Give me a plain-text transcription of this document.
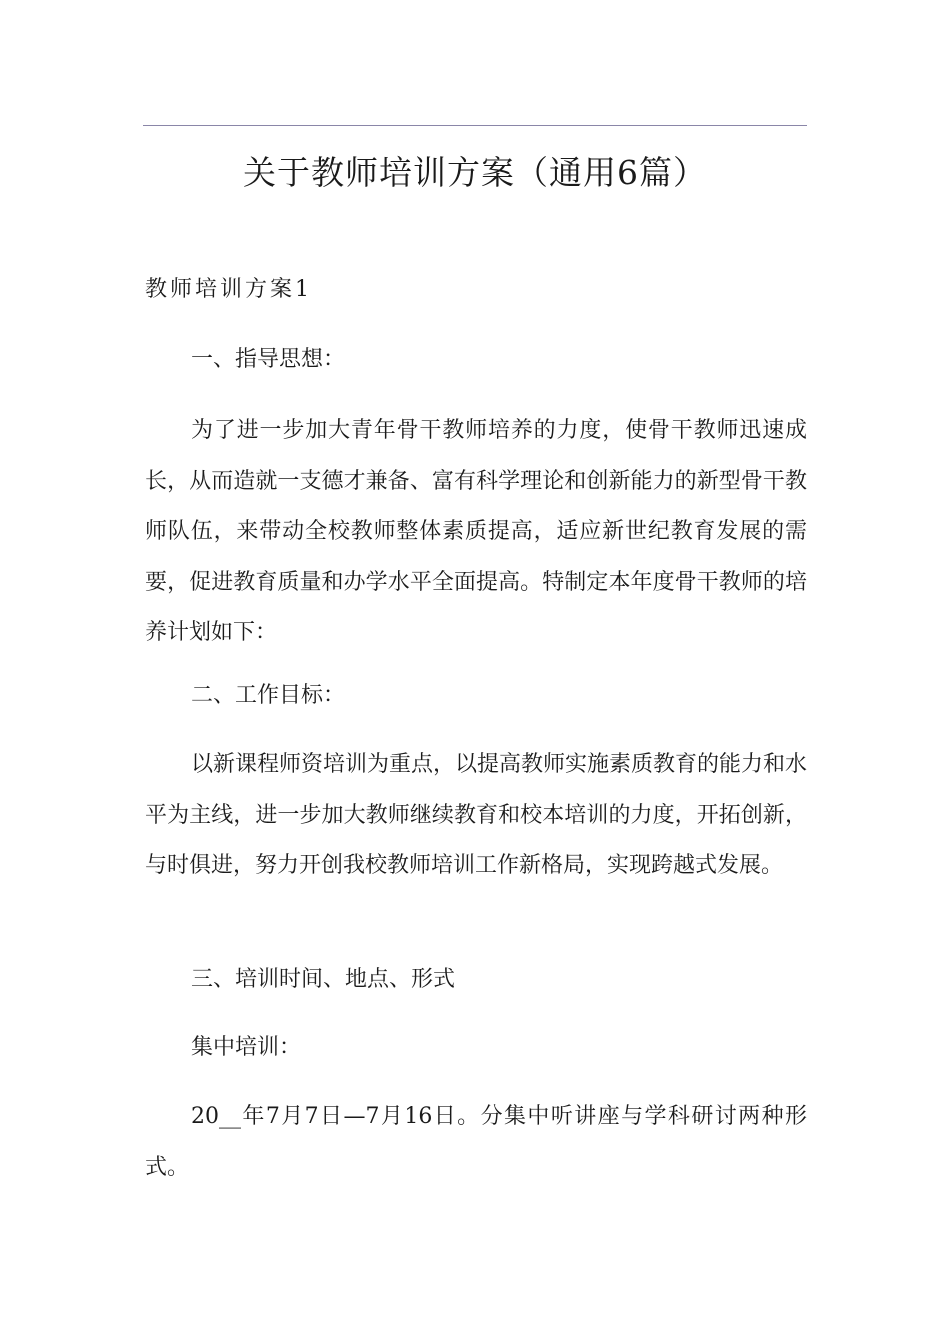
关于教师培训方案（通用6篇）
教师培训方案1
一、指导思想：

为了进一步加大青年骨干教师培养的力度，使骨干教师迅速成长，从而造就一支德才兼备、富有科学理论和创新能力的新型骨干教师队伍，来带动全校教师整体素质提高，适应新世纪教育发展的需要，促进教育质量和办学水平全面提高。特制定本年度骨干教师的培养计划如下：

二、工作目标：

以新课程师资培训为重点，以提高教师实施素质教育的能力和水平为主线，进一步加大教师继续教育和校本培训的力度，开拓创新，与时俱进，努力开创我校教师培训工作新格局，实现跨越式发展。

三、培训时间、地点、形式
集中培训：

20__年7月7日—7月16日。分集中听讲座与学科研讨两种形式。
